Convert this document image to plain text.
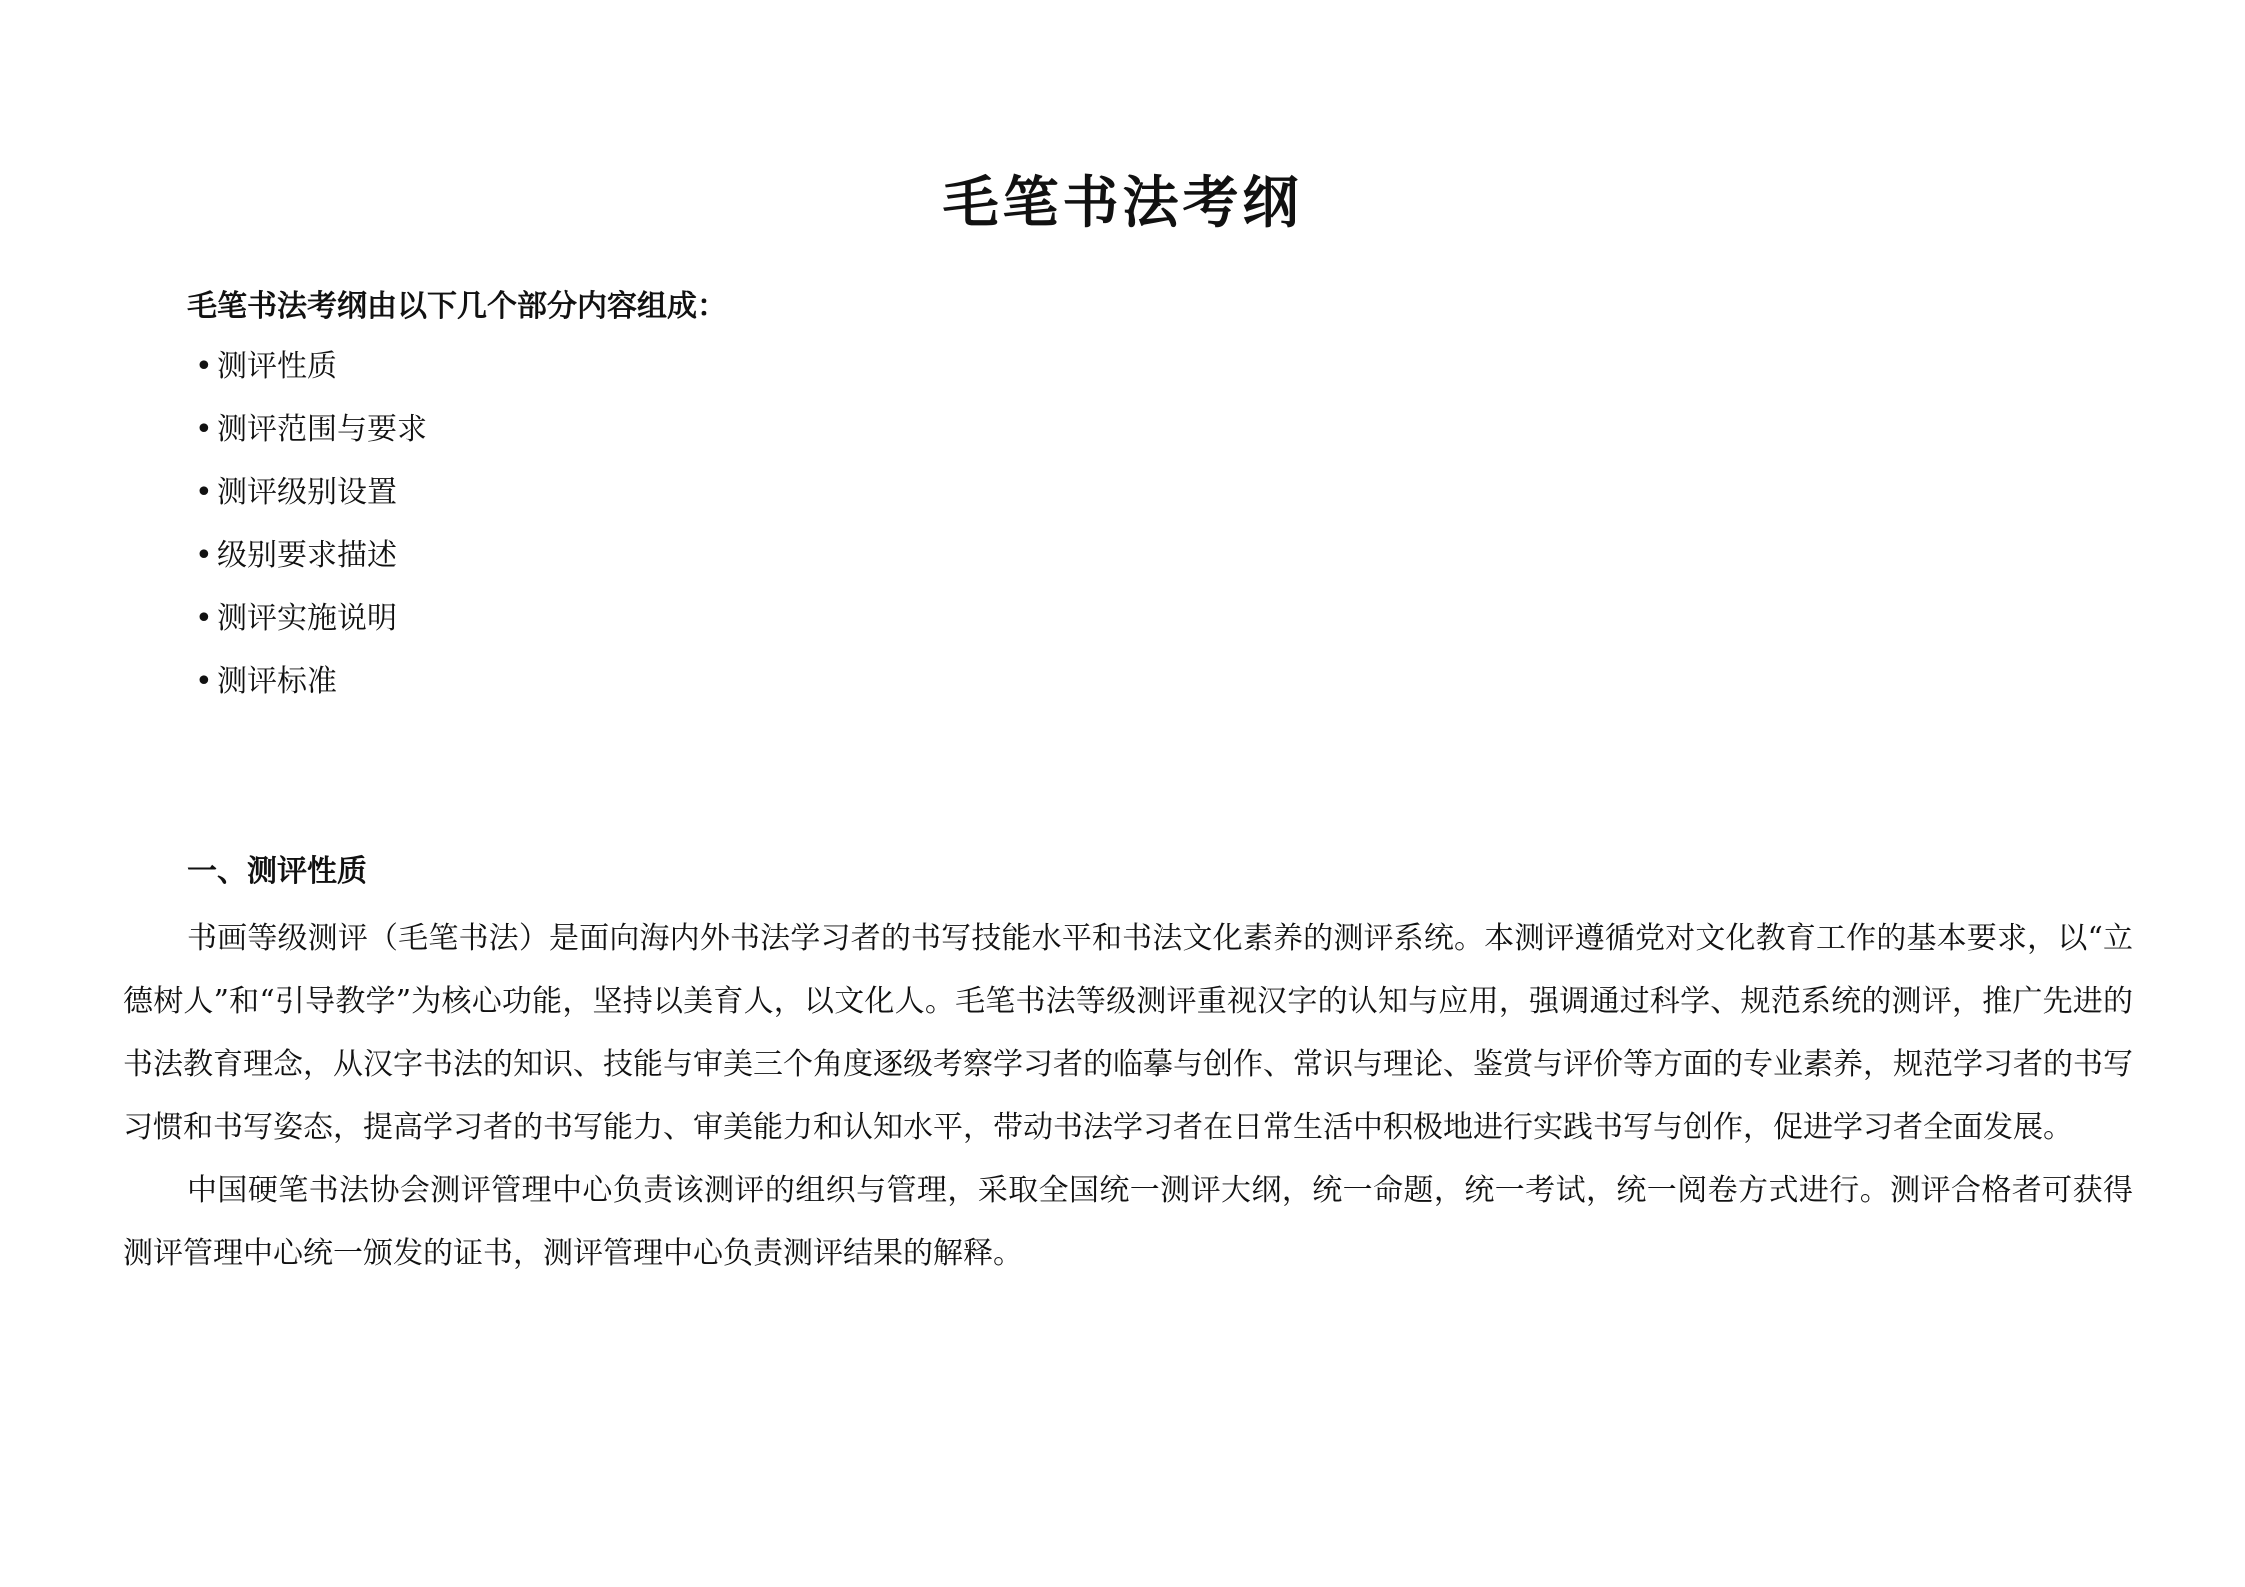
毛笔书法考纲

毛笔书法考纲由以下几个部分内容组成：

• 测评性质
• 测评范围与要求
• 测评级别设置
• 级别要求描述
• 测评实施说明
• 测评标准
一、测评性质

书画等级测评（毛笔书法）是面向海内外书法学习者的书写技能水平和书法文化素养的测评系统。本测评遵循党对文化教育工作的基本要求，以“立德树人”和“引导教学”为核心功能，坚持以美育人，以文化人。毛笔书法等级测评重视汉字的认知与应用，强调通过科学、规范系统的测评，推广先进的书法教育理念，从汉字书法的知识、技能与审美三个角度逐级考察学习者的临摹与创作、常识与理论、鉴赏与评价等方面的专业素养，规范学习者的书写习惯和书写姿态，提高学习者的书写能力、审美能力和认知水平，带动书法学习者在日常生活中积极地进行实践书写与创作，促进学习者全面发展。

中国硬笔书法协会测评管理中心负责该测评的组织与管理，采取全国统一测评大纲，统一命题，统一考试，统一阅卷方式进行。测评合格者可获得测评管理中心统一颁发的证书，测评管理中心负责测评结果的解释。
